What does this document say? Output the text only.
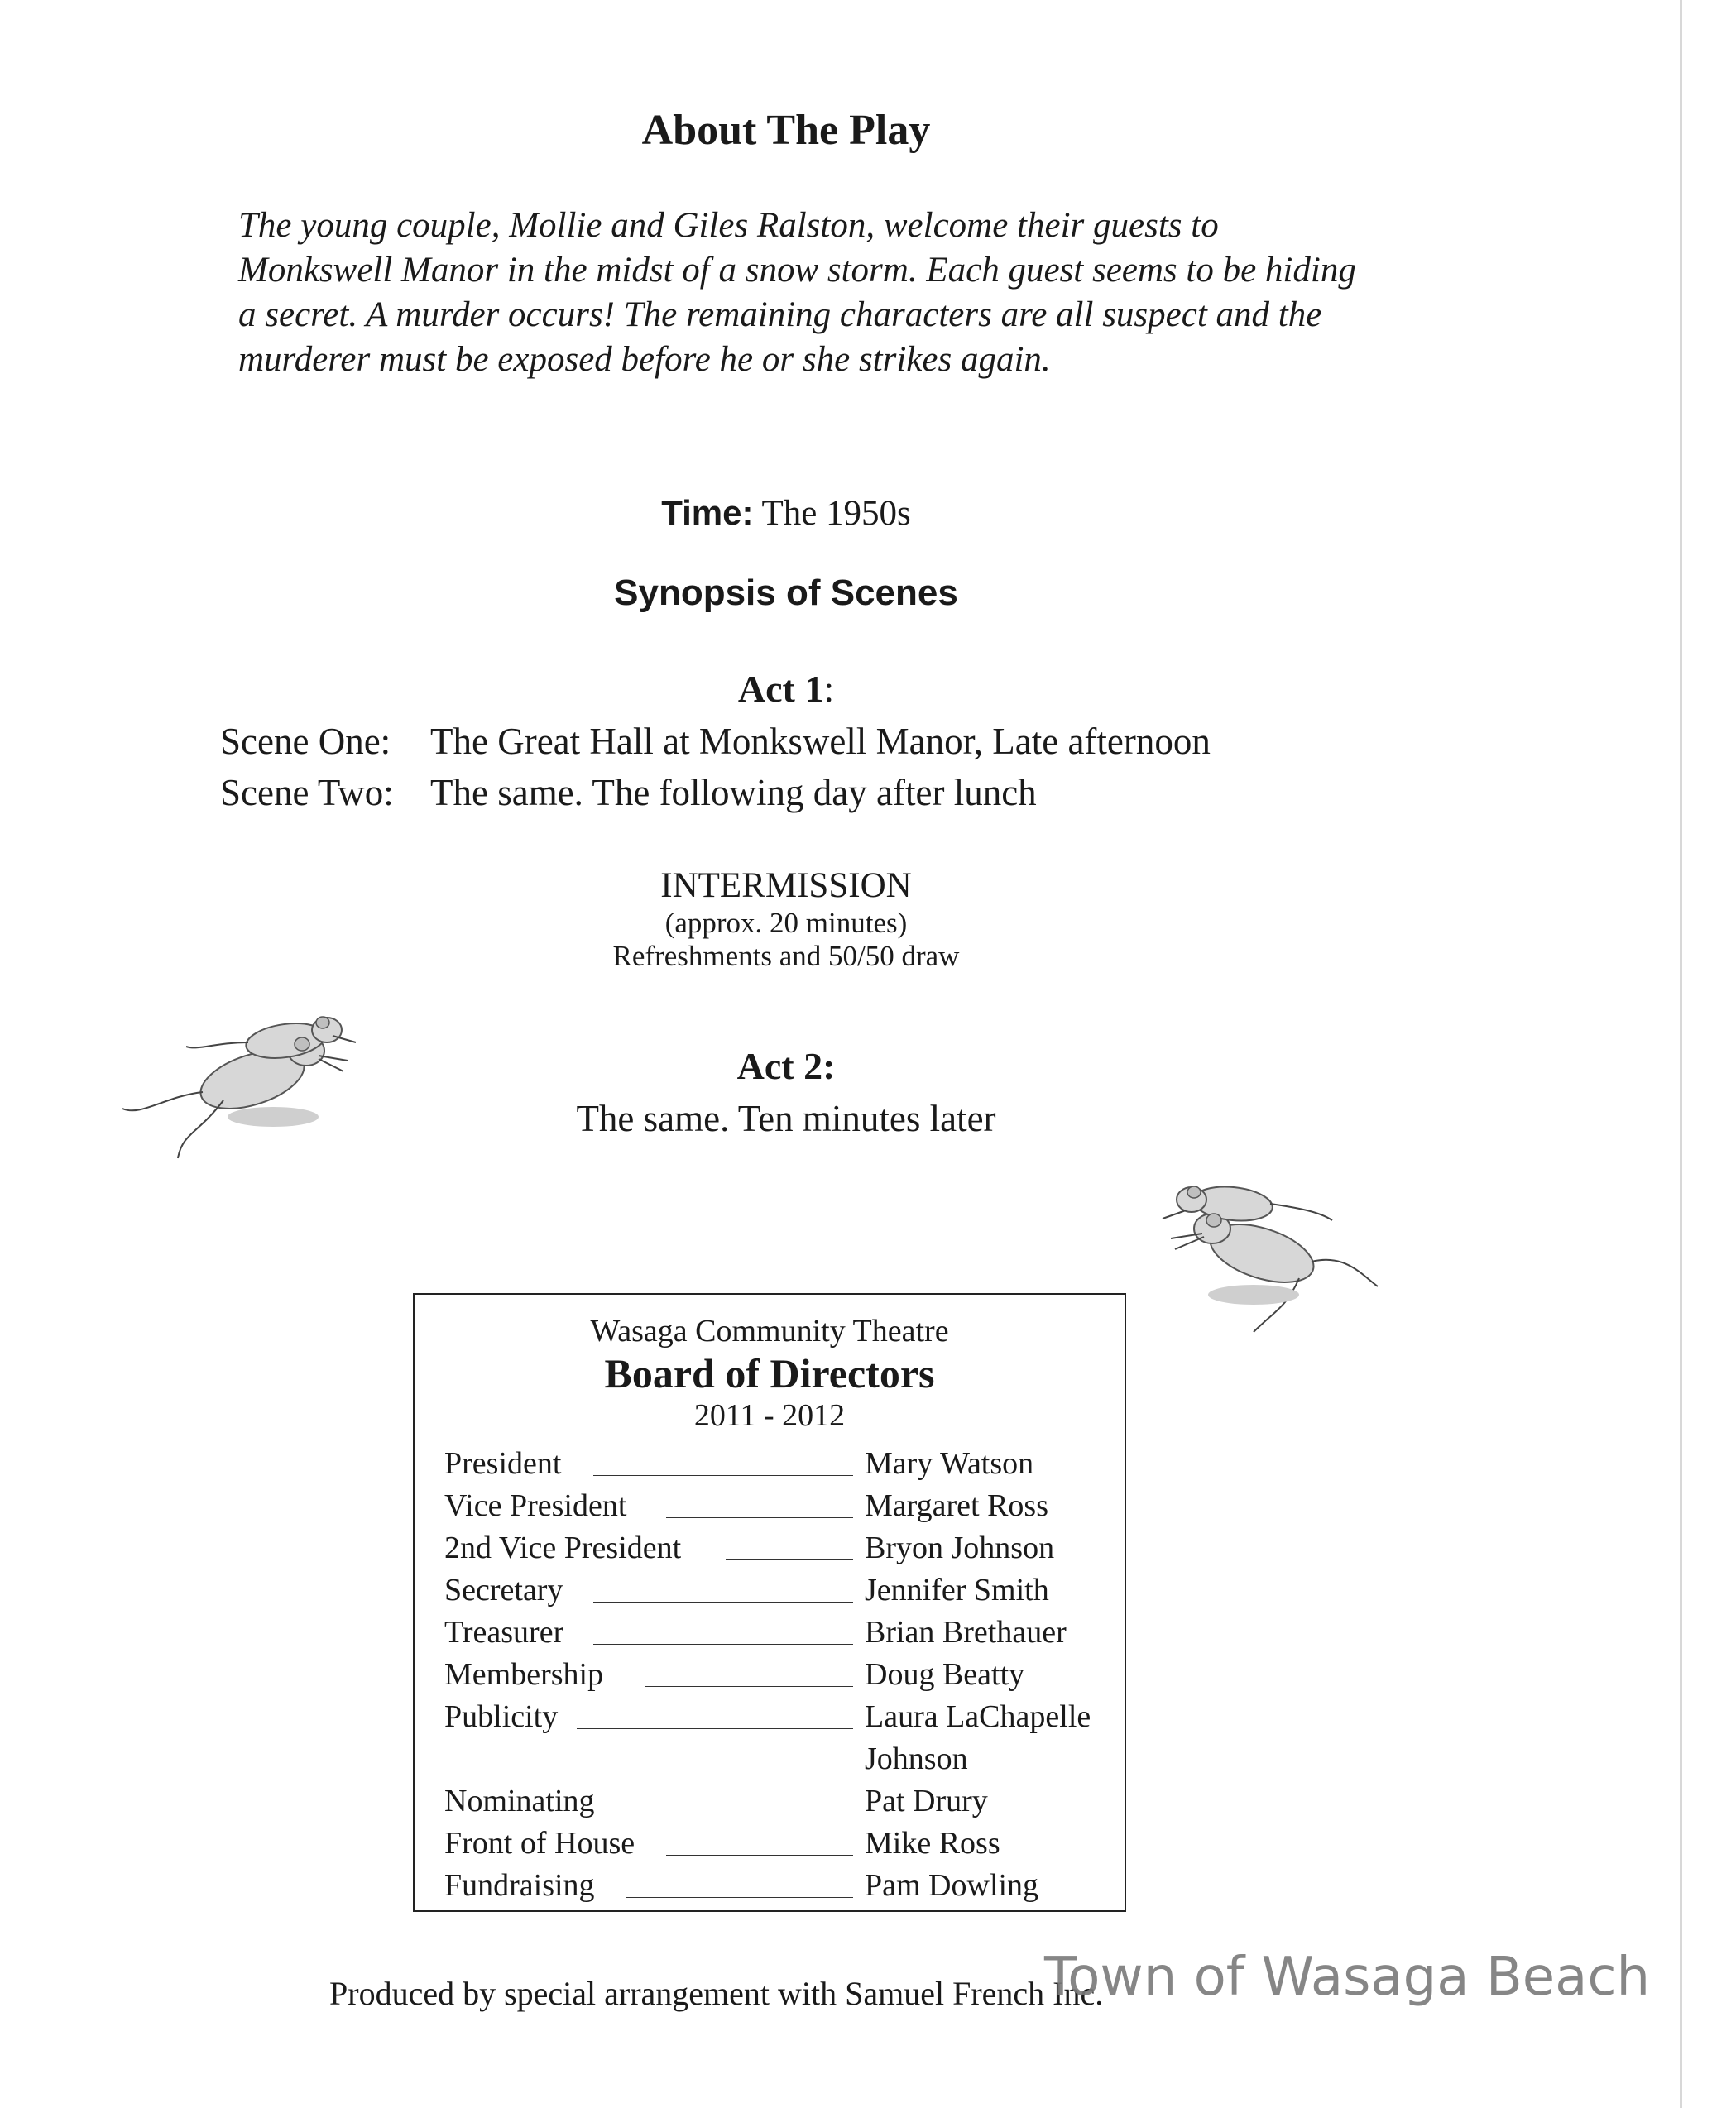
About The Play

The young couple, Mollie and Giles Ralston, welcome their guests to Monkswell Manor in the midst of a snow storm. Each guest seems to be hiding a secret. A murder occurs! The remaining characters are all suspect and the murderer must be exposed before he or she strikes again.

Time: The 1950s
Synopsis of Scenes
Act 1:
Scene One: The Great Hall at Monkswell Manor, Late afternoon
Scene Two: The same. The following day after lunch
INTERMISSION
(approx. 20 minutes)
Refreshments and 50/50 draw
Act 2:
The same. Ten minutes later
Wasaga Community Theatre
Board of Directors
2011 - 2012
President	Mary Watson
Vice President	Margaret Ross
2nd Vice President	Bryon Johnson
Secretary	Jennifer Smith
Treasurer	Brian Brethauer
Membership	Doug Beatty
Publicity	Laura LaChapelle
Johnson
Nominating	Pat Drury
Front of House	Mike Ross
Fundraising	Pam Dowling
Produced by special arrangement with Samuel French Inc.
Town of Wasaga Beach
